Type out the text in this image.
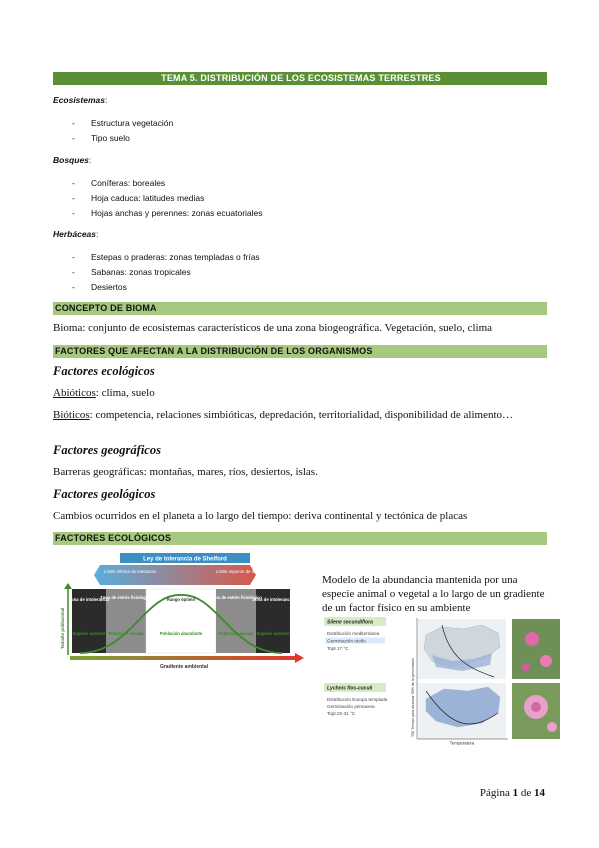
TEMA 5. DISTRIBUCIÓN DE LOS ECOSISTEMAS TERRESTRES
Ecosistemas:
- Estructura vegetación
- Tipo suelo
Bosques:
- Coníferas: boreales
- Hoja caduca: latitudes medias
- Hojas anchas y perennes: zonas ecuatoriales
Herbáceas:
- Estepas o praderas: zonas templadas o frías
- Sabanas: zonas tropicales
- Desiertos
CONCEPTO DE BIOMA
Bioma: conjunto de ecosistemas característicos de una zona biogeográfica. Vegetación, suelo, clima
FACTORES QUE AFECTAN A LA DISTRIBUCIÓN DE LOS ORGANISMOS
Factores ecológicos
Abióticos: clima, suelo
Bióticos: competencia, relaciones simbióticas, depredación, territorialidad, disponibilidad de alimento…
Factores geográficos
Barreras geográficas: montañas, mares, ríos, desiertos, islas.
Factores geológicos
Cambios ocurridos en el planeta a lo largo del tiempo: deriva continental y tectónica de placas
FACTORES ECOLÓGICOS
Ley de tolerancia de Shelford
Límite inferior de tolerancia	Límite superior de tolerancia
Zona de intolerancia
Zona de estrés fisiológico	Rango óptimo	Zona de estrés fisiológico
Zona de intolerancia
Especie ausente Población escasa	Población abundante	Población escasa Especie ausente
Tamaño poblacional
Gradiente ambiental
Modelo de la abundancia mantenida por una especie animal o vegetal a lo largo de un gradiente de un factor físico en su ambiente
Silene secundiflora
Distribución mediterránea
Germinación otoño
Topt 17 °C
Lychnis flos-cuculi
Distribución Europa templada
Germinación primavera
Topt 22-31 °C	T50 Tiempo para alcanzar 50% de la germinación
Temperatura
Página 1 de 14
